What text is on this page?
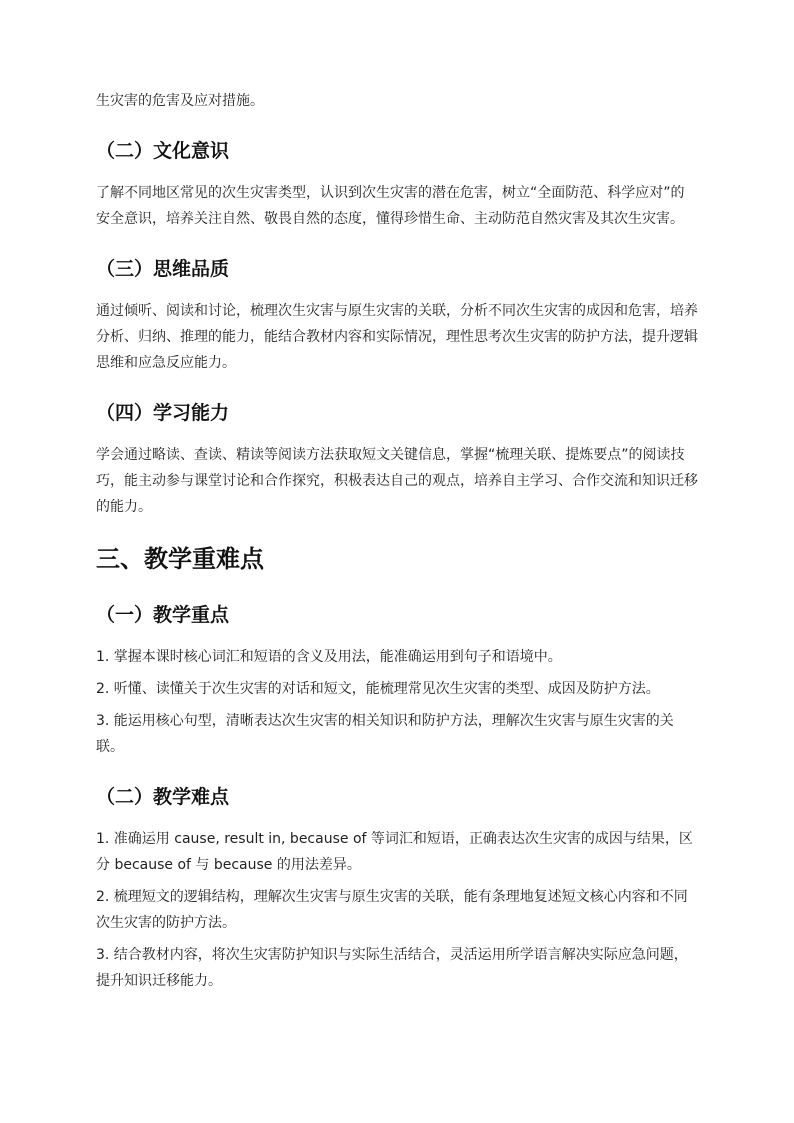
生灾害的危害及应对措施。

（二）文化意识

了解不同地区常见的次生灾害类型，认识到次生灾害的潜在危害，树立“全面防范、科学应对”的安全意识，培养关注自然、敬畏自然的态度，懂得珍惜生命、主动防范自然灾害及其次生灾害。

（三）思维品质

通过倾听、阅读和讨论，梳理次生灾害与原生灾害的关联，分析不同次生灾害的成因和危害，培养分析、归纳、推理的能力，能结合教材内容和实际情况，理性思考次生灾害的防护方法，提升逻辑思维和应急反应能力。

（四）学习能力

学会通过略读、查读、精读等阅读方法获取短文关键信息，掌握“梳理关联、提炼要点”的阅读技巧，能主动参与课堂讨论和合作探究，积极表达自己的观点，培养自主学习、合作交流和知识迁移的能力。

三、教学重难点
（一）教学重点

1. 掌握本课时核心词汇和短语的含义及用法，能准确运用到句子和语境中。

2. 听懂、读懂关于次生灾害的对话和短文，能梳理常见次生灾害的类型、成因及防护方法。

3. 能运用核心句型，清晰表达次生灾害的相关知识和防护方法，理解次生灾害与原生灾害的关联。

（二）教学难点

1. 准确运用 cause, result in, because of 等词汇和短语，正确表达次生灾害的成因与结果，区分 because of 与 because 的用法差异。

2. 梳理短文的逻辑结构，理解次生灾害与原生灾害的关联，能有条理地复述短文核心内容和不同次生灾害的防护方法。

3. 结合教材内容，将次生灾害防护知识与实际生活结合，灵活运用所学语言解决实际应急问题，提升知识迁移能力。
